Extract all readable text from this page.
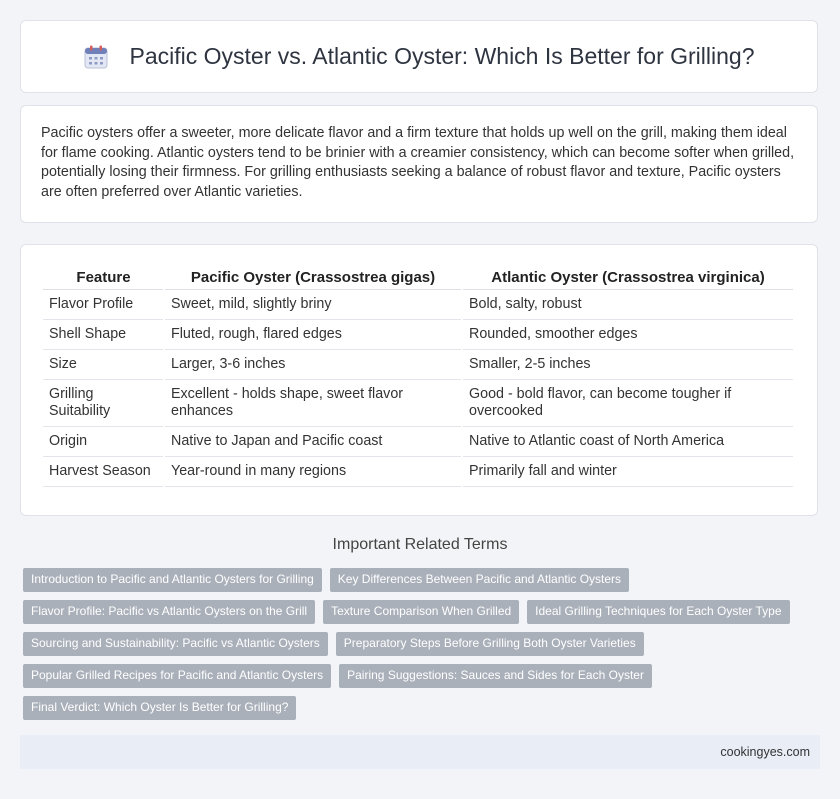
Pacific Oyster vs. Atlantic Oyster: Which Is Better for Grilling?

Pacific oysters offer a sweeter, more delicate flavor and a firm texture that holds up well on the grill, making them ideal for flame cooking. Atlantic oysters tend to be brinier with a creamier consistency, which can become softer when grilled, potentially losing their firmness. For grilling enthusiasts seeking a balance of robust flavor and texture, Pacific oysters are often preferred over Atlantic varieties.

Feature	Pacific Oyster (Crassostrea gigas)	Atlantic Oyster (Crassostrea virginica)
Flavor Profile	Sweet, mild, slightly briny	Bold, salty, robust
Shell Shape	Fluted, rough, flared edges	Rounded, smoother edges
Size	Larger, 3-6 inches	Smaller, 2-5 inches
Grilling Suitability	Excellent - holds shape, sweet flavor enhances	Good - bold flavor, can become tougher if overcooked
Origin	Native to Japan and Pacific coast	Native to Atlantic coast of North America
Harvest Season	Year-round in many regions	Primarily fall and winter
Important Related Terms
Introduction to Pacific and Atlantic Oysters for Grilling	Key Differences Between Pacific and Atlantic Oysters
Flavor Profile: Pacific vs Atlantic Oysters on the Grill	Texture Comparison When Grilled	Ideal Grilling Techniques for Each Oyster Type
Sourcing and Sustainability: Pacific vs Atlantic Oysters	Preparatory Steps Before Grilling Both Oyster Varieties
Popular Grilled Recipes for Pacific and Atlantic Oysters	Pairing Suggestions: Sauces and Sides for Each Oyster
Final Verdict: Which Oyster Is Better for Grilling?
cookingyes.com
